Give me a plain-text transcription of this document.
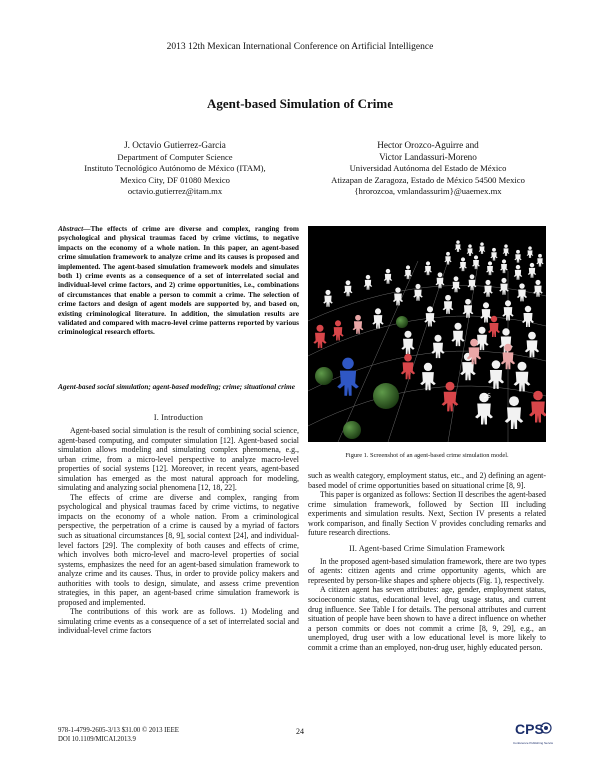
2013 12th Mexican International Conference on Artificial Intelligence
Agent-based Simulation of Crime
J. Octavio Gutierrez-Garcia
Department of Computer Science
Instituto Tecnológico Autónomo de México (ITAM),
Mexico City, DF 01080 Mexico
octavio.gutierrez@itam.mx
Hector Orozco-Aguirre and
Victor Landassuri-Moreno
Universidad Autónoma del Estado de México
Atizapan de Zaragoza, Estado de México 54500 Mexico
{hrorozcoa, vmlandassurim}@uaemex.mx
Abstract—The effects of crime are diverse and complex, ranging from psychological and physical traumas faced by crime victims, to negative impacts on the economy of a whole nation. In this paper, an agent-based crime simulation framework to analyze crime and its causes is proposed and implemented. The agent-based simulation framework models and simulates both 1) crime events as a consequence of a set of interrelated social and individual-level crime factors, and 2) crime opportunities, i.e., combinations of circumstances that enable a person to commit a crime. The selection of crime factors and design of agent models are supported by, and based on, existing criminological literature. In addition, the simulation results are validated and compared with macro-level crime patterns reported by various criminological research efforts.
Agent-based social simulation; agent-based modeling; crime; situational crime
I. Introduction

Agent-based social simulation is the result of combining social science, agent-based computing, and computer simulation [12]. Agent-based social simulation allows modeling and simulating complex phenomena, e.g., urban crime, from a micro-level perspective to analyze macro-level properties of social systems [12]. Moreover, in recent years, agent-based simulation has emerged as the most natural approach for modeling, simulating and analyzing social phenomena [12, 18, 22].

The effects of crime are diverse and complex, ranging from psychological and physical traumas faced by crime victims, to negative impacts on the economy of a whole nation. From a criminological perspective, the perpetration of a crime is caused by a myriad of factors such as situational circumstances [8, 9], social context [24], and individual-level factors [29]. The complexity of both causes and effects of crime, which involves both micro-level and macro-level properties of social systems, emphasizes the need for an agent-based simulation framework to analyze crime and its causes. Thus, in order to provide policy makers and authorities with tools to design, simulate, and assess crime prevention strategies, in this paper, an agent-based crime simulation framework is proposed and implemented.

The contributions of this work are as follows. 1) Modeling and simulating crime events as a consequence of a set of interrelated social and individual-level crime factors

25
Figure 1. Screenshot of an agent-based crime simulation model.

such as wealth category, employment status, etc., and 2) defining an agent-based model of crime opportunities based on situational crime [8, 9].

This paper is organized as follows: Section II describes the agent-based crime simulation framework, followed by Section III including experiments and simulation results. Next, Section IV presents a related work comparison, and finally Section V provides concluding remarks and future research directions.

II. Agent-based Crime Simulation Framework

In the proposed agent-based simulation framework, there are two types of agents: citizen agents and crime opportunity agents, which are represented by person-like shapes and sphere objects (Fig. 1), respectively.

A citizen agent has seven attributes: age, gender, employment status, socioeconomic status, educational level, drug usage status, and current drug influence. See Table I for details. The personal attributes and current situation of people have been shown to have a direct influence on whether a person commits or does not commit a crime [8, 9, 29], e.g., an unemployed, drug user with a low educational level is more likely to commit a crime than an employed, non-drug user, highly educated person.

978-1-4799-2605-3/13 $31.00 © 2013 IEEE
DOI 10.1109/MICAI.2013.9
24	CPS
Conference Publishing Services
